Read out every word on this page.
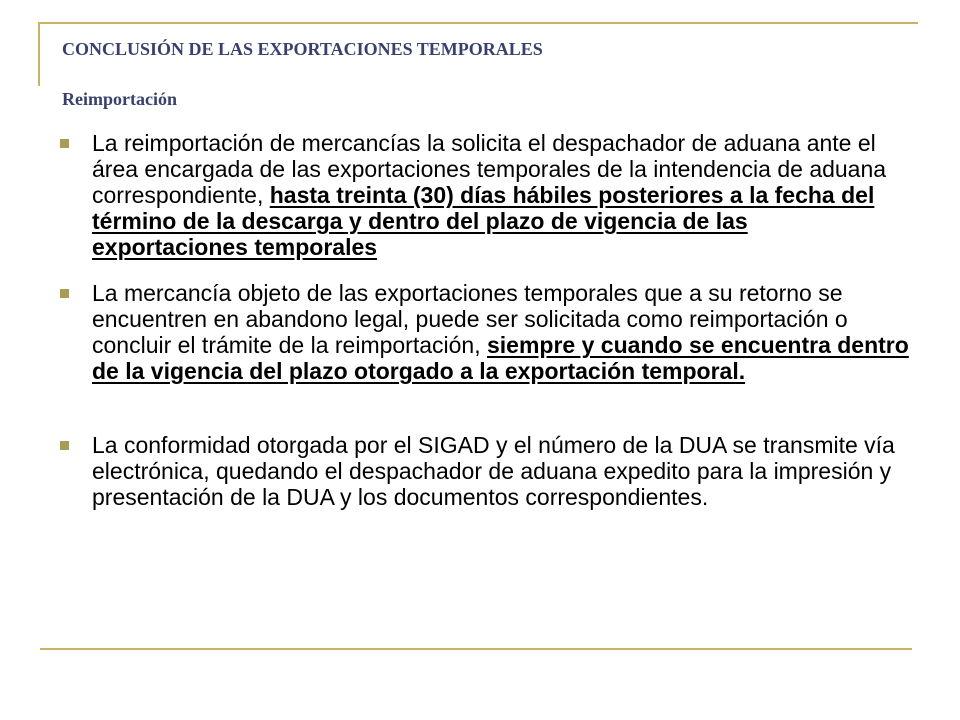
CONCLUSIÓN DE LAS EXPORTACIONES TEMPORALES
Reimportación
La reimportación de mercancías la solicita el despachador de aduana ante el área encargada de las exportaciones temporales de la intendencia de aduana correspondiente, hasta treinta (30) días hábiles posteriores a la fecha del término de la descarga y dentro del plazo de vigencia de las exportaciones temporales
La mercancía objeto de las exportaciones temporales que a su retorno se encuentren en abandono legal, puede ser solicitada como reimportación o concluir el trámite de la reimportación, siempre y cuando se encuentra dentro de la vigencia del plazo otorgado a la exportación temporal.
La conformidad otorgada por el SIGAD y el número de la DUA se transmite vía electrónica, quedando el despachador de aduana expedito para la impresión y presentación de la DUA y los documentos correspondientes.
